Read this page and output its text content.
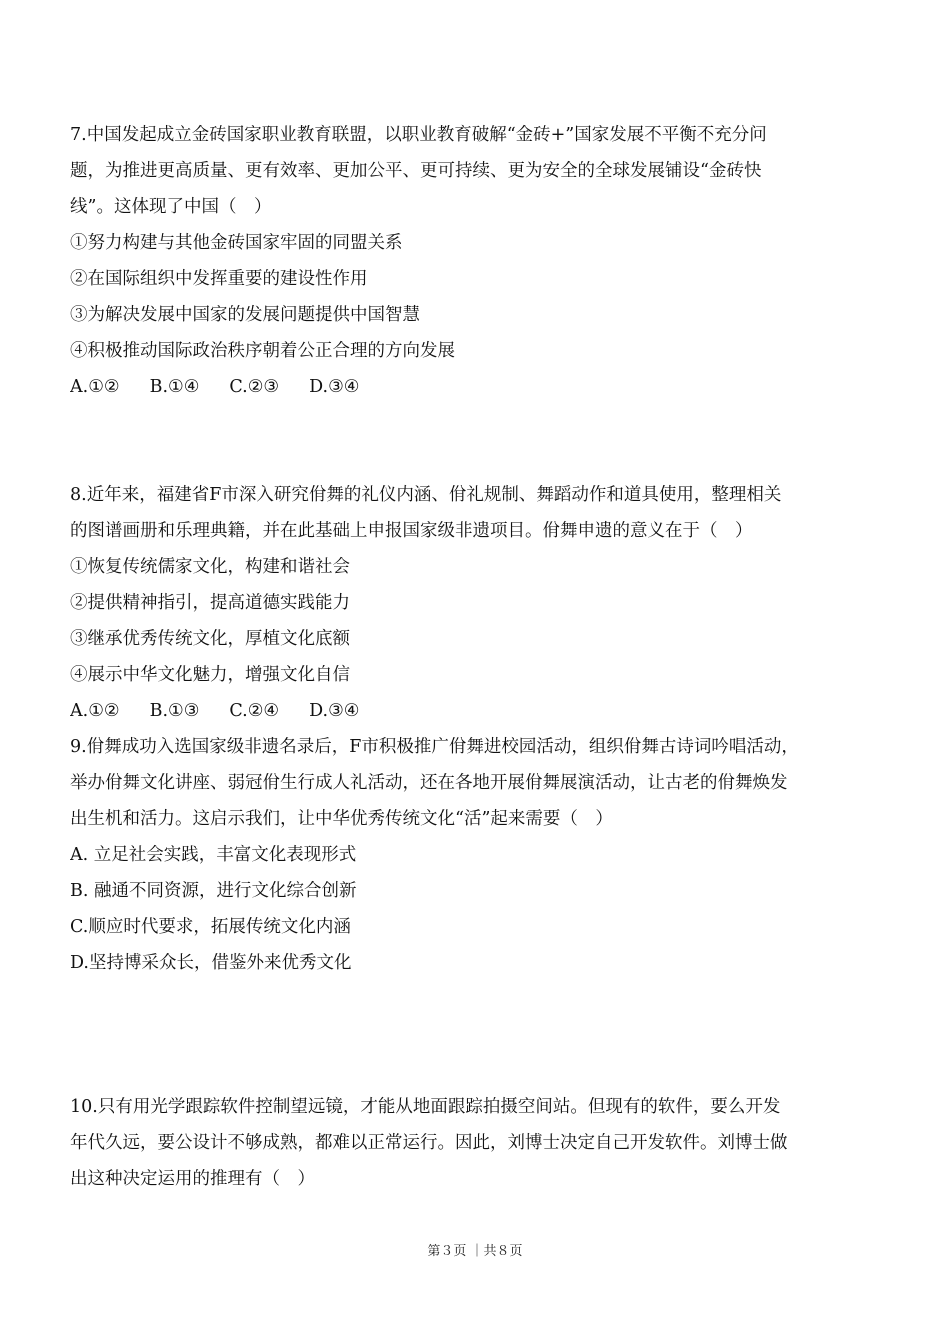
7.中国发起成立金砖国家职业教育联盟，以职业教育破解“金砖+”国家发展不平衡不充分问
题，为推进更高质量、更有效率、更加公平、更可持续、更为安全的全球发展铺设“金砖快
线”。这体现了中国（　）
①努力构建与其他金砖国家牢固的同盟关系
②在国际组织中发挥重要的建设性作用
③为解决发展中国家的发展问题提供中国智慧
④积极推动国际政治秩序朝着公正合理的方向发展
A.①② B.①④ C.②③ D.③④
8.近年来，福建省F市深入研究佾舞的礼仪内涵、佾礼规制、舞蹈动作和道具使用，整理相关
的图谱画册和乐理典籍，并在此基础上申报国家级非遗项目。佾舞申遗的意义在于（　）
①恢复传统儒家文化，构建和谐社会
②提供精神指引，提高道德实践能力
③继承优秀传统文化，厚植文化底额
④展示中华文化魅力，增强文化自信
A.①② B.①③ C.②④ D.③④
9.佾舞成功入选国家级非遗名录后，F市积极推广佾舞进校园活动，组织佾舞古诗词吟唱活动，
举办佾舞文化讲座、弱冠佾生行成人礼活动，还在各地开展佾舞展演活动，让古老的佾舞焕发
出生机和活力。这启示我们，让中华优秀传统文化“活”起来需要（　）
A. 立足社会实践，丰富文化表现形式
B. 融通不同资源，进行文化综合创新
C.顺应时代要求，拓展传统文化内涵
D.坚持博采众长，借鉴外来优秀文化
10.只有用光学跟踪软件控制望远镜，才能从地面跟踪拍摄空间站。但现有的软件，要么开发
年代久远，要公设计不够成熟，都难以正常运行。因此，刘博士决定自己开发软件。刘博士做
出这种决定运用的推理有（　）
第３页 ｜共８页
